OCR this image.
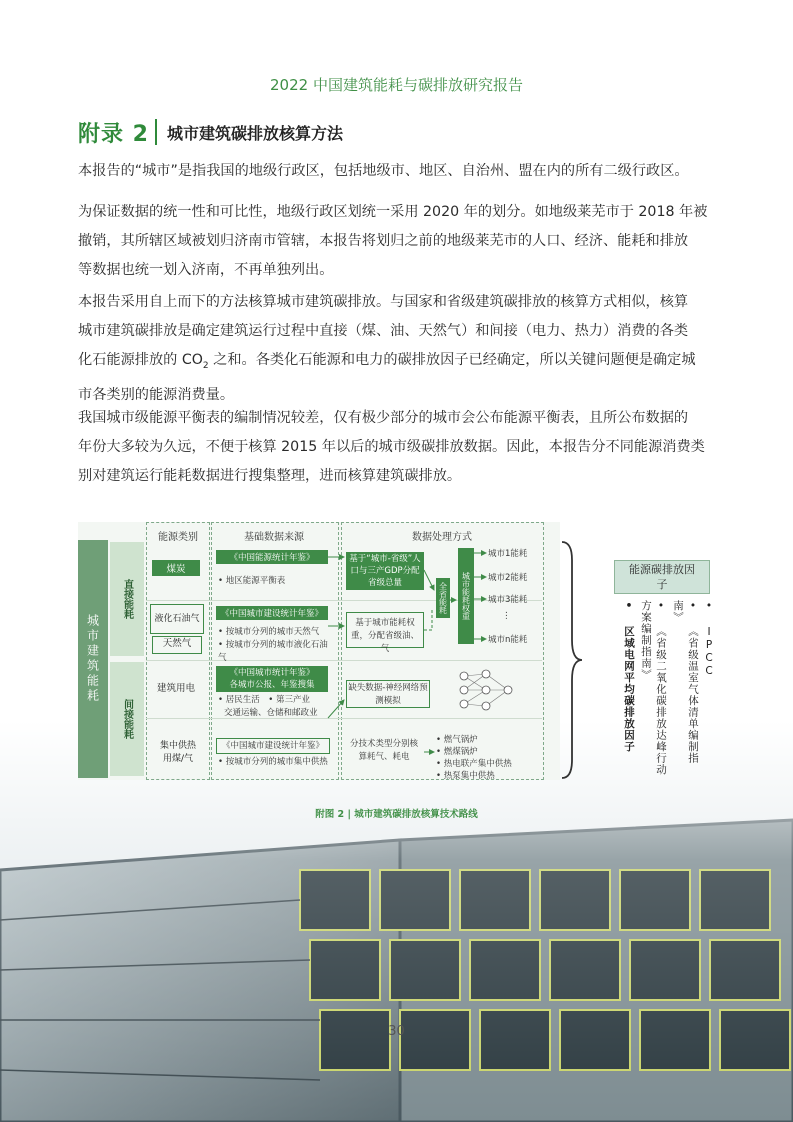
2022 中国建筑能耗与碳排放研究报告
附录 2 城市建筑碳排放核算方法
本报告的“城市”是指我国的地级行政区，包括地级市、地区、自治州、盟在内的所有二级行政区。
为保证数据的统一性和可比性，地级行政区划统一采用 2020 年的划分。如地级莱芜市于 2018 年被
撤销，其所辖区域被划归济南市管辖，本报告将划归之前的地级莱芜市的人口、经济、能耗和排放
等数据也统一划入济南，不再单独列出。
本报告采用自上而下的方法核算城市建筑碳排放。与国家和省级建筑碳排放的核算方式相似，核算
城市建筑碳排放是确定建筑运行过程中直接（煤、油、天然气）和间接（电力、热力）消费的各类
化石能源排放的 $CO_2$ 之和。各类化石能源和电力的碳排放因子已经确定，所以关键问题便是确定城
市各类别的能源消费量。
我国城市级能源平衡表的编制情况较差，仅有极少部分的城市会公布能源平衡表，且所公布数据的
年份大多较为久远，不便于核算 2015 年以后的城市级碳排放数据。因此，本报告分不同能源消费类
别对建筑运行能耗数据进行搜集整理，进而核算建筑碳排放。
能源类别	基础数据来源	数据处理方式
城市建筑能耗
直接能耗
间接能耗
煤炭
液化石油气
天然气
建筑用电
集中供热用煤/气
《中国能源统计年鉴》
• 地区能源平衡表
《中国城市建设统计年鉴》
• 按城市分列的城市天然气
• 按城市分列的城市液化石油气
《中国城市统计年鉴》
各城市公报、年鉴搜集
• 居民生活　• 第三产业
交通运输、仓储和邮政业
《中国城市建设统计年鉴》
• 按城市分列的城市集中供热
基于“城市-省级”人口与三产GDP分配省级总量
基于城市能耗权重，分配省级油、气
缺失数据-神经网络预测模拟
分技术类型分别核算耗气、耗电
全省能耗 城市能耗权重
城市1能耗
城市2能耗
城市3能耗
⋮
城市n能耗
• 燃气锅炉
• 燃煤锅炉
• 热电联产集中供热
• 热泵集中供热
能源碳排放因子
• IPCC
• 《省级温室气体清单编制指南》
• 《省级二氧化碳排放达峰行动方案编制指南》
• 区域电网平均碳排放因子
附图 2 | 城市建筑碳排放核算技术路线
30
